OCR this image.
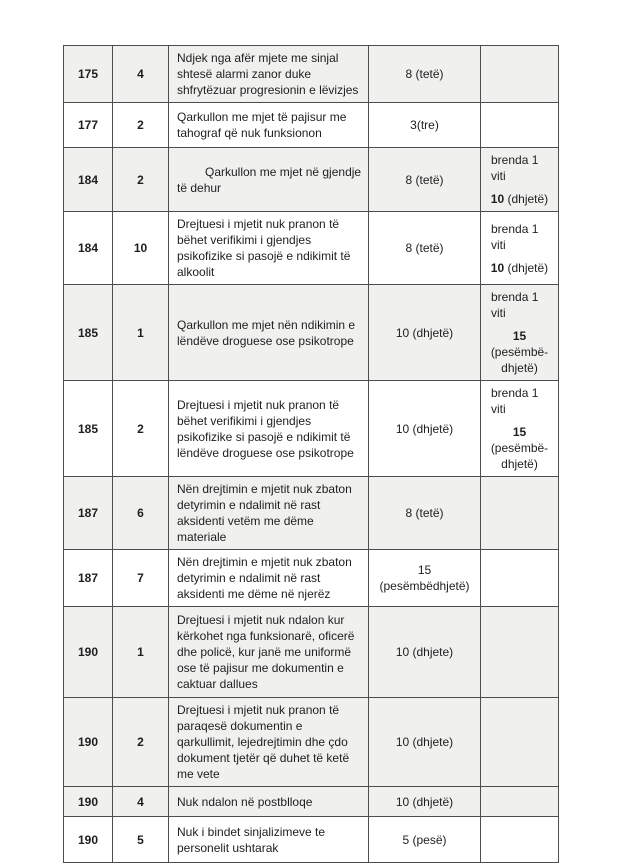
175	4	Ndjek nga afër mjete me sinjal shtesë alarmi zanor duke shfrytëzuar progresionin e lëvizjes	8 (tetë)	
177	2	Qarkullon me mjet të pajisur me tahograf që nuk funksionon	3(tre)	
184	2	Qarkullon me mjet në gjendje të dehur	8 (tetë)	brenda 1 viti
10 (dhjetë)

184	10	Drejtuesi i mjetit nuk pranon të bëhet verifikimi i gjendjes psikofizike si pasojë e ndikimit të alkoolit	8 (tetë)	brenda 1 viti
10 (dhjetë)

185	1	Qarkullon me mjet nën ndikimin e lëndëve droguese ose psikotrope	10 (dhjetë)	brenda 1 viti
15 (pesëmbë-dhjetë)

185	2	Drejtuesi i mjetit nuk pranon të bëhet verifikimi i gjendjes psikofizike si pasojë e ndikimit të lëndëve droguese ose psikotrope	10 (dhjetë)	brenda 1 viti
15 (pesëmbë-dhjetë)

187	6	Nën drejtimin e mjetit nuk zbaton detyrimin e ndalimit në rast aksidenti vetëm me dëme materiale	8 (tetë)	
187	7	Nën drejtimin e mjetit nuk zbaton detyrimin e ndalimit në rast aksidenti me dëme në njerëz	15 (pesëmbëdhjetë)	
190	1	Drejtuesi i mjetit nuk ndalon kur kërkohet nga funksionarë, oficerë dhe policë, kur janë me uniformë ose të pajisur me dokumentin e caktuar dallues	10 (dhjete)	
190	2	Drejtuesi i mjetit nuk pranon të paraqesë dokumentin e qarkullimit, lejedrejtimin dhe çdo dokument tjetër që duhet të ketë me vete	10 (dhjete)	
190	4	Nuk ndalon në postblloqe	10 (dhjetë)	
190	5	Nuk i bindet sinjalizimeve te personelit ushtarak	5 (pesë)	
